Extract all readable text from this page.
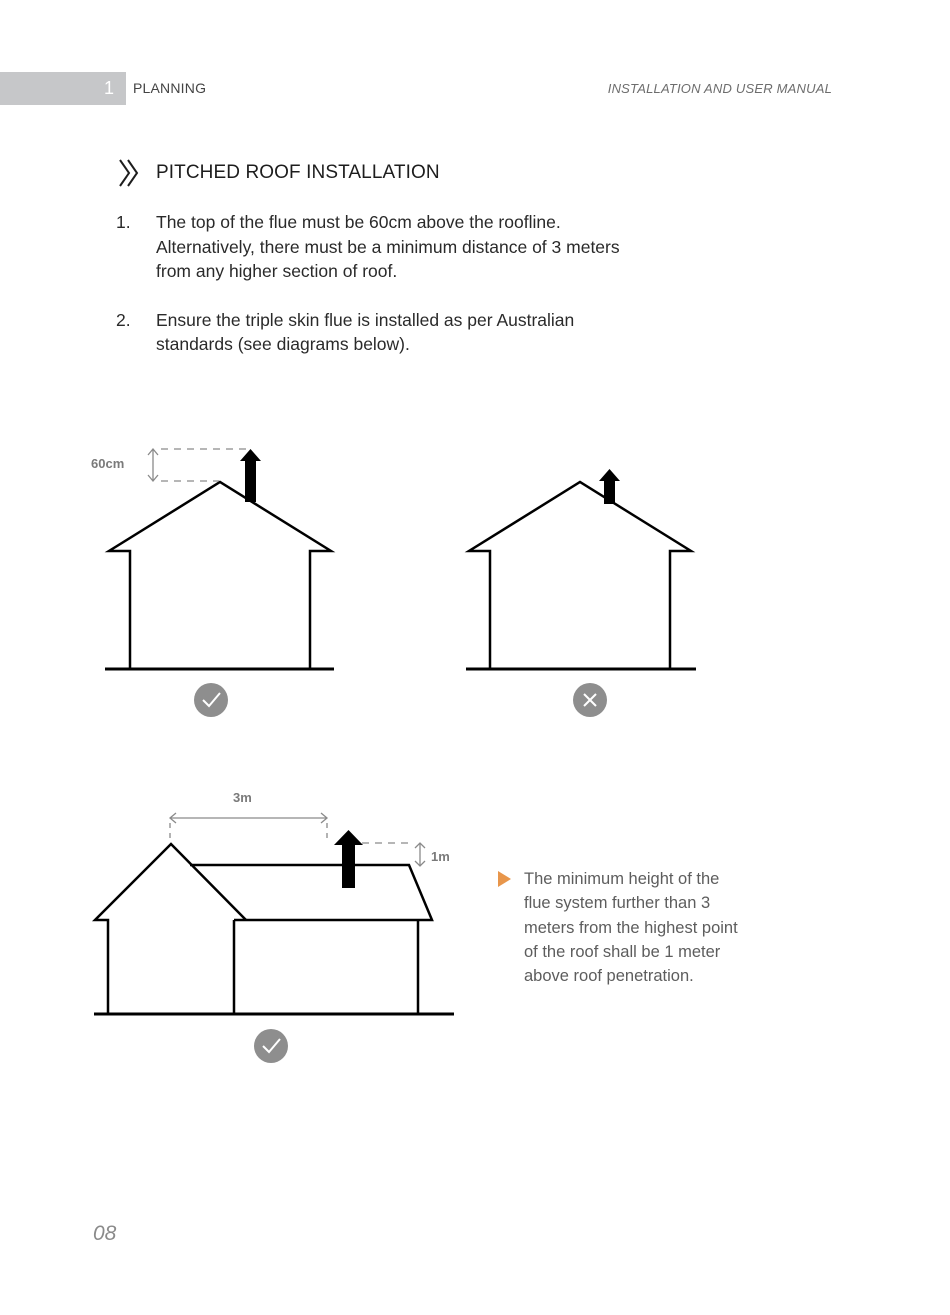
1 PLANNING	INSTALLATION AND USER MANUAL
PITCHED ROOF INSTALLATION
1. The top of the flue must be 60cm above the roofline. Alternatively, there must be a minimum distance of 3 meters from any higher section of roof.
2. Ensure the triple skin flue is installed as per Australian standards (see diagrams below).
60cm
3m
1m
The minimum height of the flue system further than 3 meters from the highest point of the roof shall be 1 meter above roof penetration.
08
